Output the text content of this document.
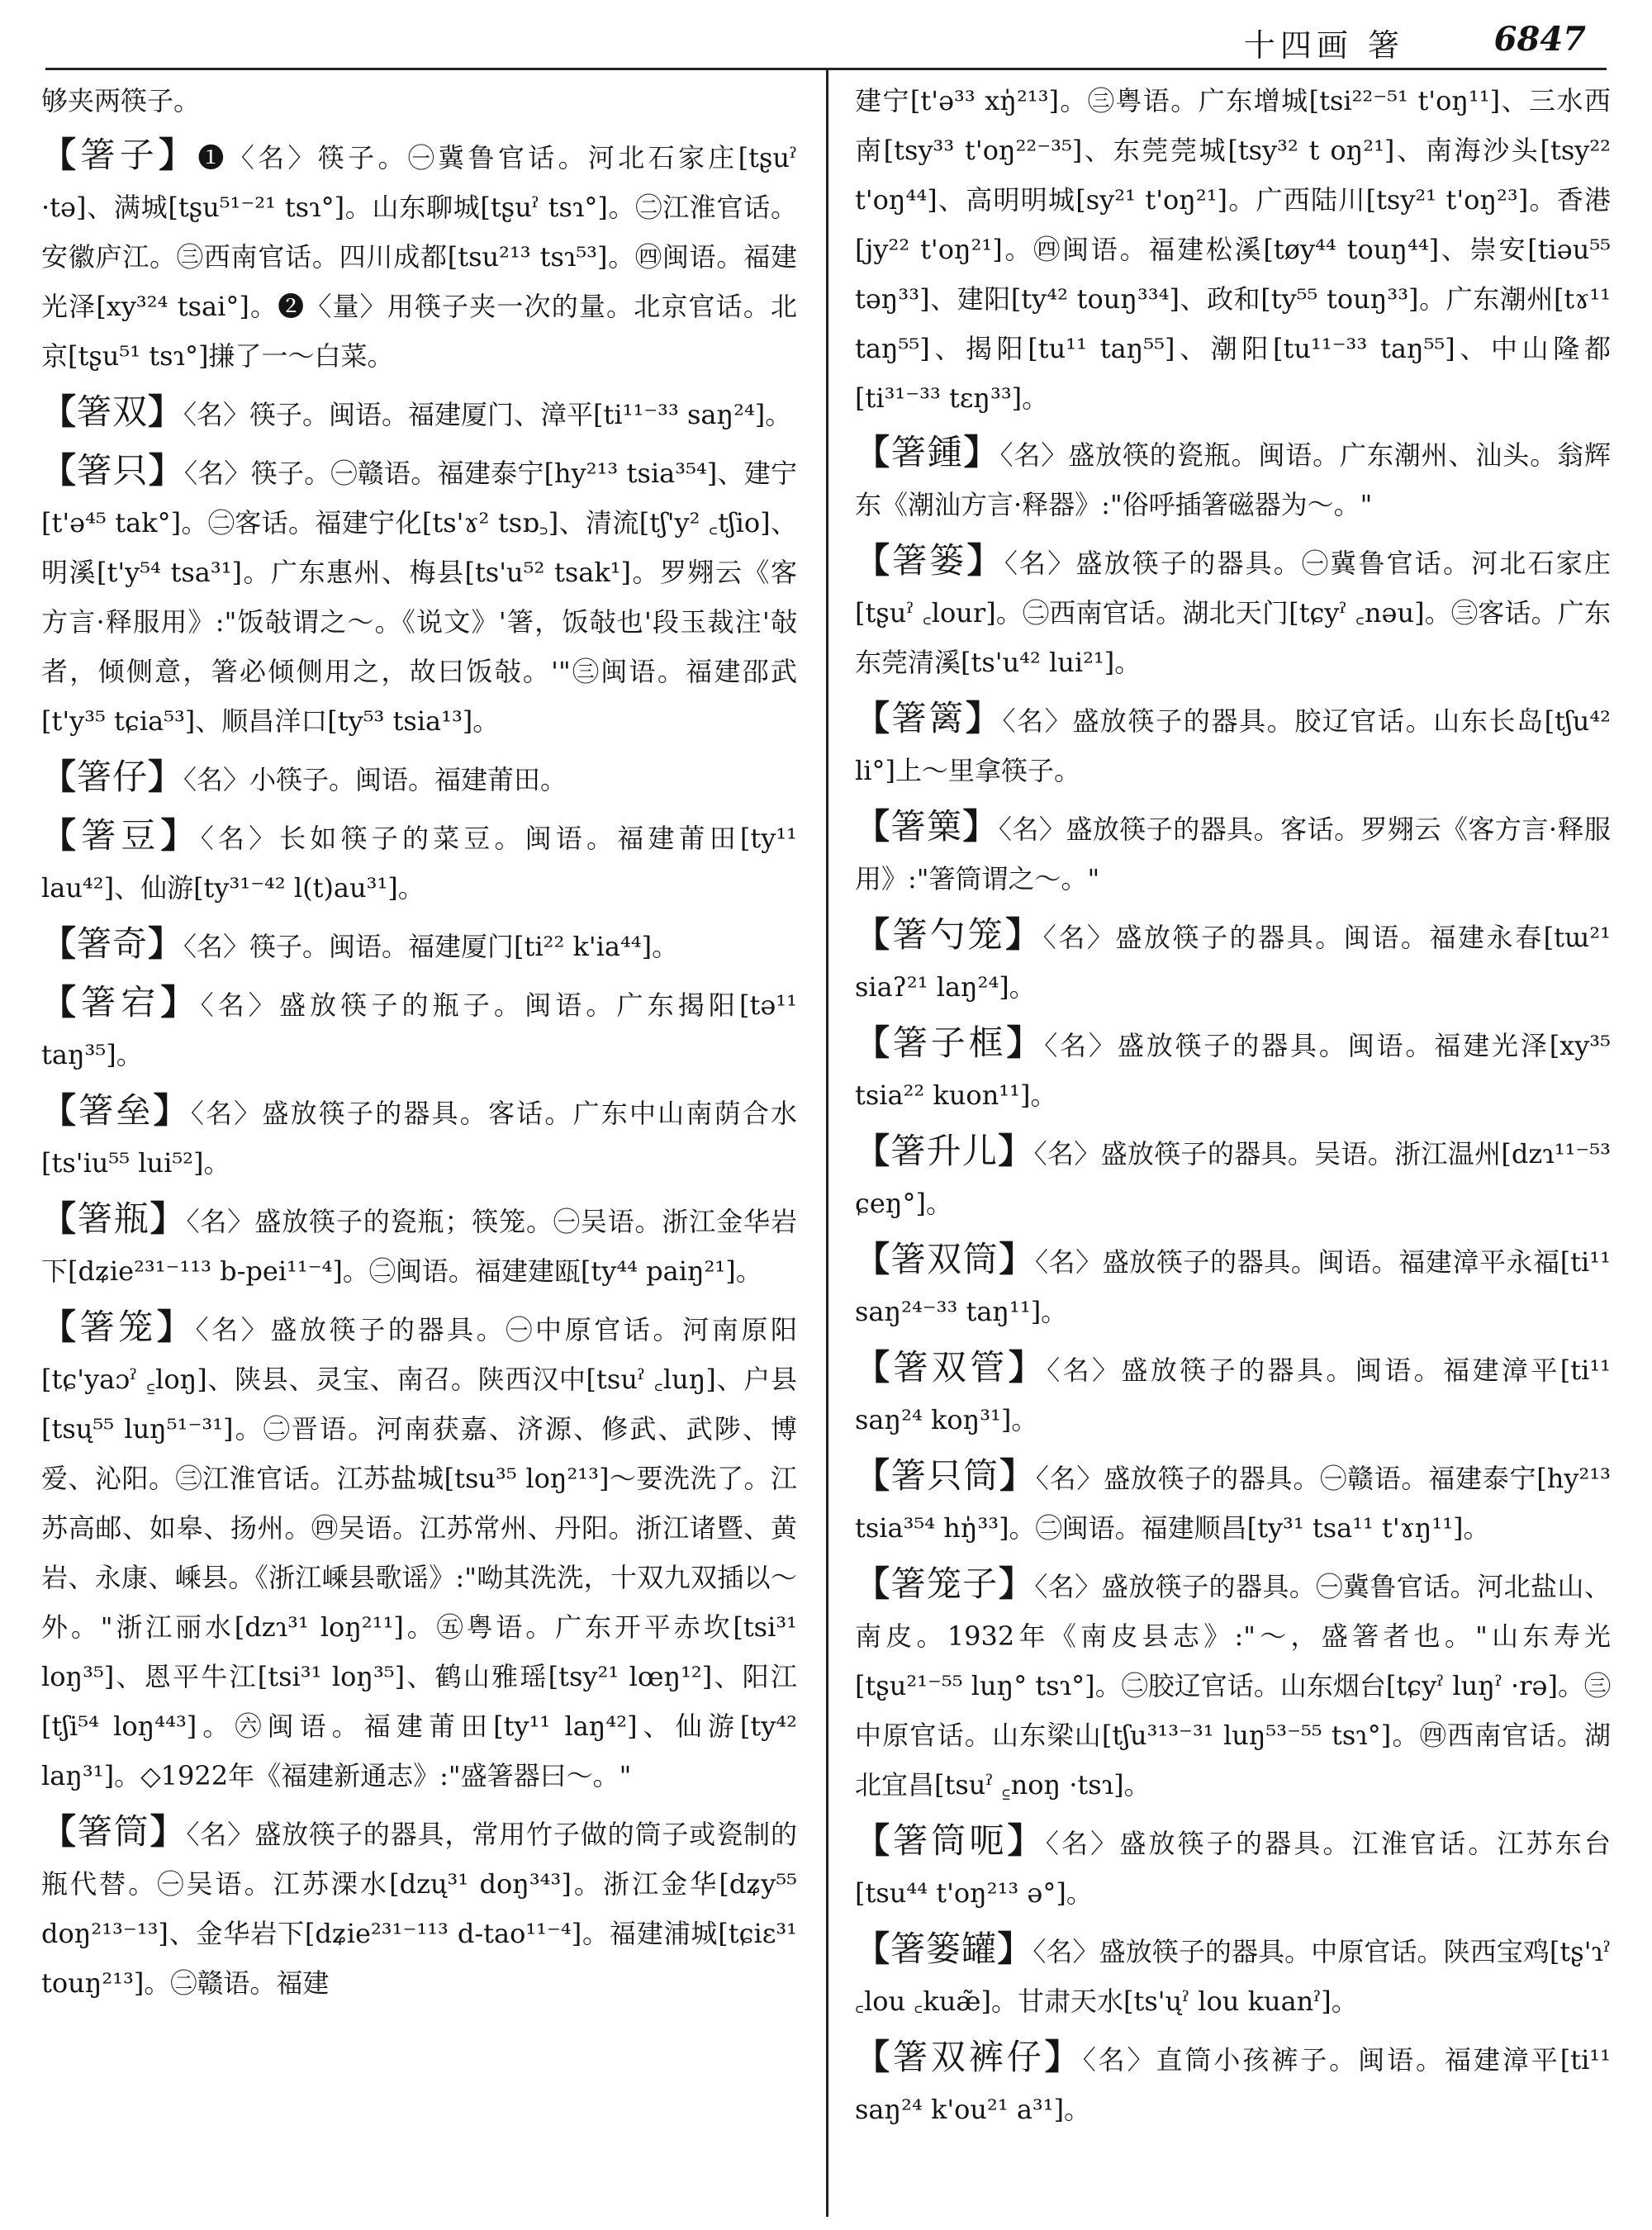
十四画 箸	6847
够夹两筷子。

【箸子】❶〈名〉筷子。㊀冀鲁官话。河北石家庄[tʂuˀ ·tə]、满城[tʂu⁵¹⁻²¹ tsɿ°]。山东聊城[tʂuˀ tsɿ°]。㊁江淮官话。安徽庐江。㊂西南官话。四川成都[tsu²¹³ tsɿ⁵³]。㊃闽语。福建光泽[xy³²⁴ tsai°]。❷〈量〉用筷子夹一次的量。北京官话。北京[tʂu⁵¹ tsɿ°]搛了一～白菜。

【箸双】〈名〉筷子。闽语。福建厦门、漳平[ti¹¹⁻³³ saŋ²⁴]。

【箸只】〈名〉筷子。㊀赣语。福建泰宁[hy²¹³ tsia³⁵⁴]、建宁[t'ə⁴⁵ tak°]。㊁客话。福建宁化[ts'ɤ² tsɒ꜆]、清流[tʃ'y² ꜀tʃio]、明溪[t'y⁵⁴ tsa³¹]。广东惠州、梅县[ts'u⁵² tsak¹]。罗翙云《客方言·释服用》:"饭敧谓之～。《说文》'箸，饭敧也'段玉裁注'敧者，倾侧意，箸必倾侧用之，故曰饭敧。'"㊂闽语。福建邵武[t'y³⁵ tɕia⁵³]、顺昌洋口[ty⁵³ tsia¹³]。

【箸仔】〈名〉小筷子。闽语。福建莆田。

【箸豆】〈名〉长如筷子的菜豆。闽语。福建莆田[ty¹¹ lau⁴²]、仙游[ty³¹⁻⁴² l(t)au³¹]。

【箸奇】〈名〉筷子。闽语。福建厦门[ti²² k'ia⁴⁴]。

【箸宕】〈名〉盛放筷子的瓶子。闽语。广东揭阳[tə¹¹ taŋ³⁵]。

【箸垒】〈名〉盛放筷子的器具。客话。广东中山南荫合水[ts'iu⁵⁵ lui⁵²]。

【箸瓶】〈名〉盛放筷子的瓷瓶；筷笼。㊀吴语。浙江金华岩下[dʑie²³¹⁻¹¹³ b-pei¹¹⁻⁴]。㊁闽语。福建建瓯[ty⁴⁴ paiŋ²¹]。

【箸笼】〈名〉盛放筷子的器具。㊀中原官话。河南原阳[tɕ'yaɔˀ ꜁loŋ]、陕县、灵宝、南召。陕西汉中[tsuˀ ꜀luŋ]、户县[tsų⁵⁵ luŋ⁵¹⁻³¹]。㊁晋语。河南获嘉、济源、修武、武陟、博爱、沁阳。㊂江淮官话。江苏盐城[tsu³⁵ loŋ²¹³]～要洗洗了。江苏高邮、如皋、扬州。㊃吴语。江苏常州、丹阳。浙江诸暨、黄岩、永康、嵊县。《浙江嵊县歌谣》:"呦其洗洗，十双九双插以～外。"浙江丽水[dzɿ³¹ loŋ²¹¹]。㊄粤语。广东开平赤坎[tsi³¹ loŋ³⁵]、恩平牛江[tsi³¹ loŋ³⁵]、鹤山雅瑶[tsy²¹ lœŋ¹²]、阳江[tʃi⁵⁴ loŋ⁴⁴³]。㊅闽语。福建莆田[ty¹¹ laŋ⁴²]、仙游[ty⁴² laŋ³¹]。◇1922年《福建新通志》:"盛箸器曰～。"

【箸筒】〈名〉盛放筷子的器具，常用竹子做的筒子或瓷制的瓶代替。㊀吴语。江苏溧水[dzų³¹ doŋ³⁴³]。浙江金华[dʑy⁵⁵ doŋ²¹³⁻¹³]、金华岩下[dʑie²³¹⁻¹¹³ d-tao¹¹⁻⁴]。福建浦城[tɕiɛ³¹ touŋ²¹³]。㊁赣语。福建

建宁[t'ə³³ xŋ̍²¹³]。㊂粤语。广东增城[tsi²²⁻⁵¹ t'oŋ¹¹]、三水西南[tsy³³ t'oŋ²²⁻³⁵]、东莞莞城[tsy³² t oŋ²¹]、南海沙头[tsy²² t'oŋ⁴⁴]、高明明城[sy²¹ t'oŋ²¹]。广西陆川[tsy²¹ t'oŋ²³]。香港[jy²² t'oŋ²¹]。㊃闽语。福建松溪[tøy⁴⁴ touŋ⁴⁴]、崇安[tiəu⁵⁵ təŋ³³]、建阳[ty⁴² touŋ³³⁴]、政和[ty⁵⁵ touŋ³³]。广东潮州[tɤ¹¹ taŋ⁵⁵]、揭阳[tu¹¹ taŋ⁵⁵]、潮阳[tu¹¹⁻³³ taŋ⁵⁵]、中山隆都[ti³¹⁻³³ tɛŋ³³]。

【箸鍾】〈名〉盛放筷的瓷瓶。闽语。广东潮州、汕头。翁辉东《潮汕方言·释器》:"俗呼插箸磁器为～。"

【箸篓】〈名〉盛放筷子的器具。㊀冀鲁官话。河北石家庄[tʂuˀ ꜀lour]。㊁西南官话。湖北天门[tɕyˀ ꜀nəu]。㊂客话。广东东莞清溪[ts'u⁴² lui²¹]。

【箸篱】〈名〉盛放筷子的器具。胶辽官话。山东长岛[tʃu⁴² li°]上～里拿筷子。

【箸篥】〈名〉盛放筷子的器具。客话。罗翙云《客方言·释服用》:"箸筒谓之～。"

【箸勺笼】〈名〉盛放筷子的器具。闽语。福建永春[tɯ²¹ siaʔ²¹ laŋ²⁴]。

【箸子框】〈名〉盛放筷子的器具。闽语。福建光泽[xy³⁵ tsia²² kuon¹¹]。

【箸升儿】〈名〉盛放筷子的器具。吴语。浙江温州[dzɿ¹¹⁻⁵³ ɕeŋ°]。

【箸双筒】〈名〉盛放筷子的器具。闽语。福建漳平永福[ti¹¹ saŋ²⁴⁻³³ taŋ¹¹]。

【箸双管】〈名〉盛放筷子的器具。闽语。福建漳平[ti¹¹ saŋ²⁴ koŋ³¹]。

【箸只筒】〈名〉盛放筷子的器具。㊀赣语。福建泰宁[hy²¹³ tsia³⁵⁴ hŋ̍³³]。㊁闽语。福建顺昌[ty³¹ tsa¹¹ t'ɤŋ¹¹]。

【箸笼子】〈名〉盛放筷子的器具。㊀冀鲁官话。河北盐山、南皮。1932年《南皮县志》:"～，盛箸者也。"山东寿光[tʂu²¹⁻⁵⁵ luŋ° tsɿ°]。㊁胶辽官话。山东烟台[tɕyˀ luŋˀ ·rə]。㊂中原官话。山东梁山[tʃu³¹³⁻³¹ luŋ⁵³⁻⁵⁵ tsɿ°]。㊃西南官话。湖北宜昌[tsuˀ ꜁noŋ ·tsɿ]。

【箸筒呃】〈名〉盛放筷子的器具。江淮官话。江苏东台[tsu⁴⁴ t'oŋ²¹³ ə°]。

【箸篓罐】〈名〉盛放筷子的器具。中原官话。陕西宝鸡[tʂ'ɿˀ ꜀lou ꜀kuæ̃]。甘肃天水[ts'ųˀ lou kuanˀ]。

【箸双裤仔】〈名〉直筒小孩裤子。闽语。福建漳平[ti¹¹ saŋ²⁴ k'ou²¹ a³¹]。
